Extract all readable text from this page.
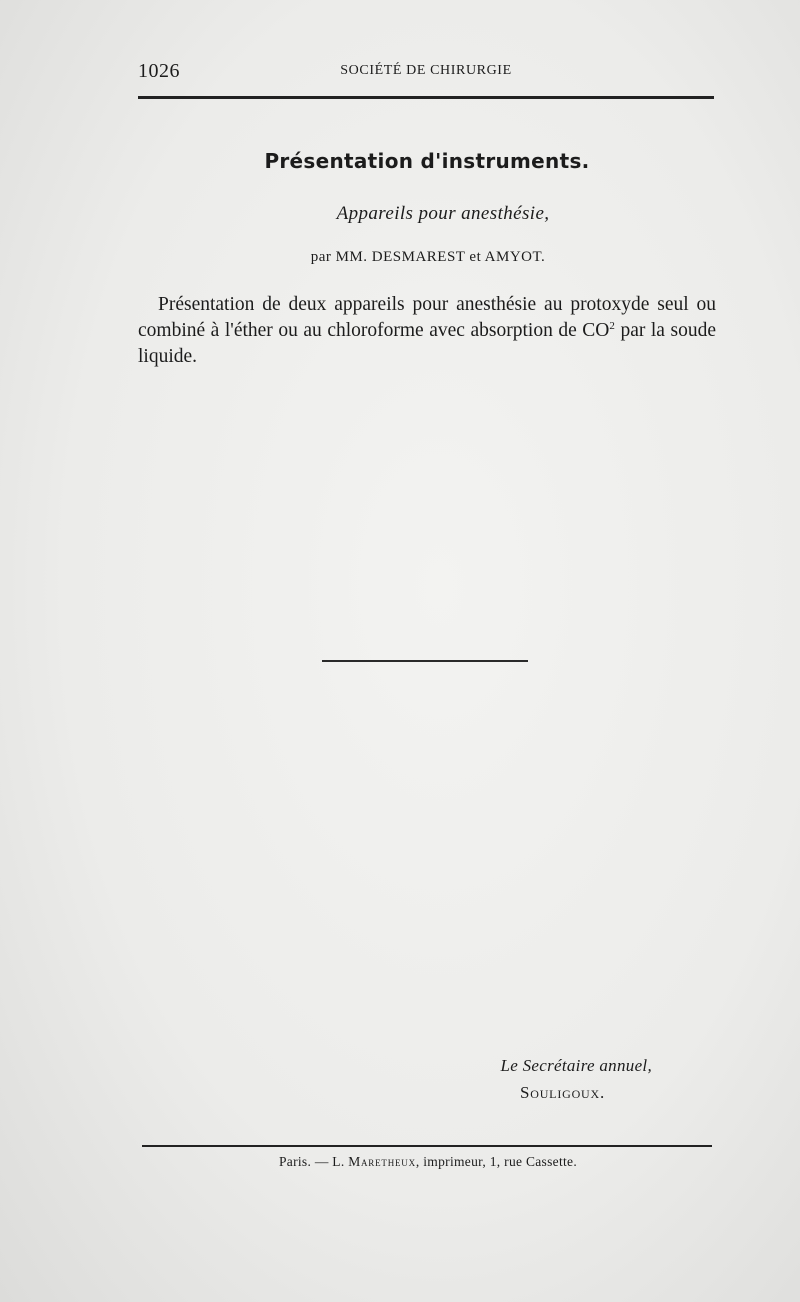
1026	SOCIÉTÉ DE CHIRURGIE
Présentation d'instruments.
Appareils pour anesthésie,
par MM. DESMAREST et AMYOT.

Présentation de deux appareils pour anesthésie au protoxyde seul ou combiné à l'éther ou au chloroforme avec absorption de $CO^2$ par la soude liquide.

Le Secrétaire annuel,
Souligoux.
Paris. — L. Maretheux, imprimeur, 1, rue Cassette.
